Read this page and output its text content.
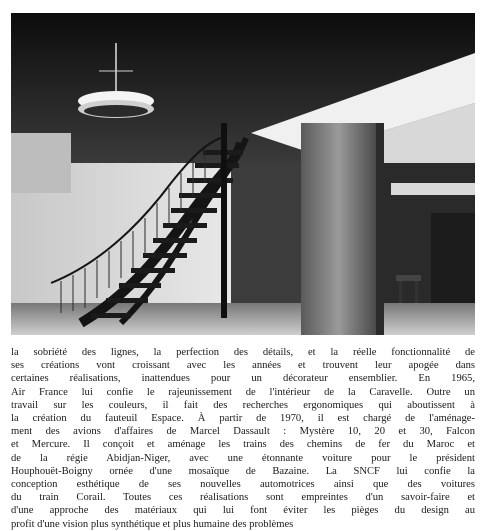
la sobriété des lignes, la perfection des détails, et la réelle fonctionnalité de
ses créations vont croissant avec les années et trouvent leur apogée dans
certaines réalisations, inattendues pour un décorateur ensemblier. En 1965,
Air France lui confie le rajeunissement de l'intérieur de la Caravelle. Outre un
travail sur les couleurs, il fait des recherches ergonomiques qui aboutissent à
la création du fauteuil Espace. À partir de 1970, il est chargé de l'aménage-
ment des avions d'affaires de Marcel Dassault : Mystère 10, 20 et 30, Falcon
et Mercure. Il conçoit et aménage les trains des chemins de fer du Maroc et
de la régie Abidjan-Niger, avec une étonnante voiture pour le président
Houphouët-Boigny ornée d'une mosaïque de Bazaine. La SNCF lui confie la
conception esthétique de ses nouvelles automotrices ainsi que des voitures
du train Corail. Toutes ces réalisations sont empreintes d'un savoir-faire et
d'une approche des matériaux qui lui font éviter les pièges du design au
profit d'une vision plus synthétique et plus humaine des problèmes
